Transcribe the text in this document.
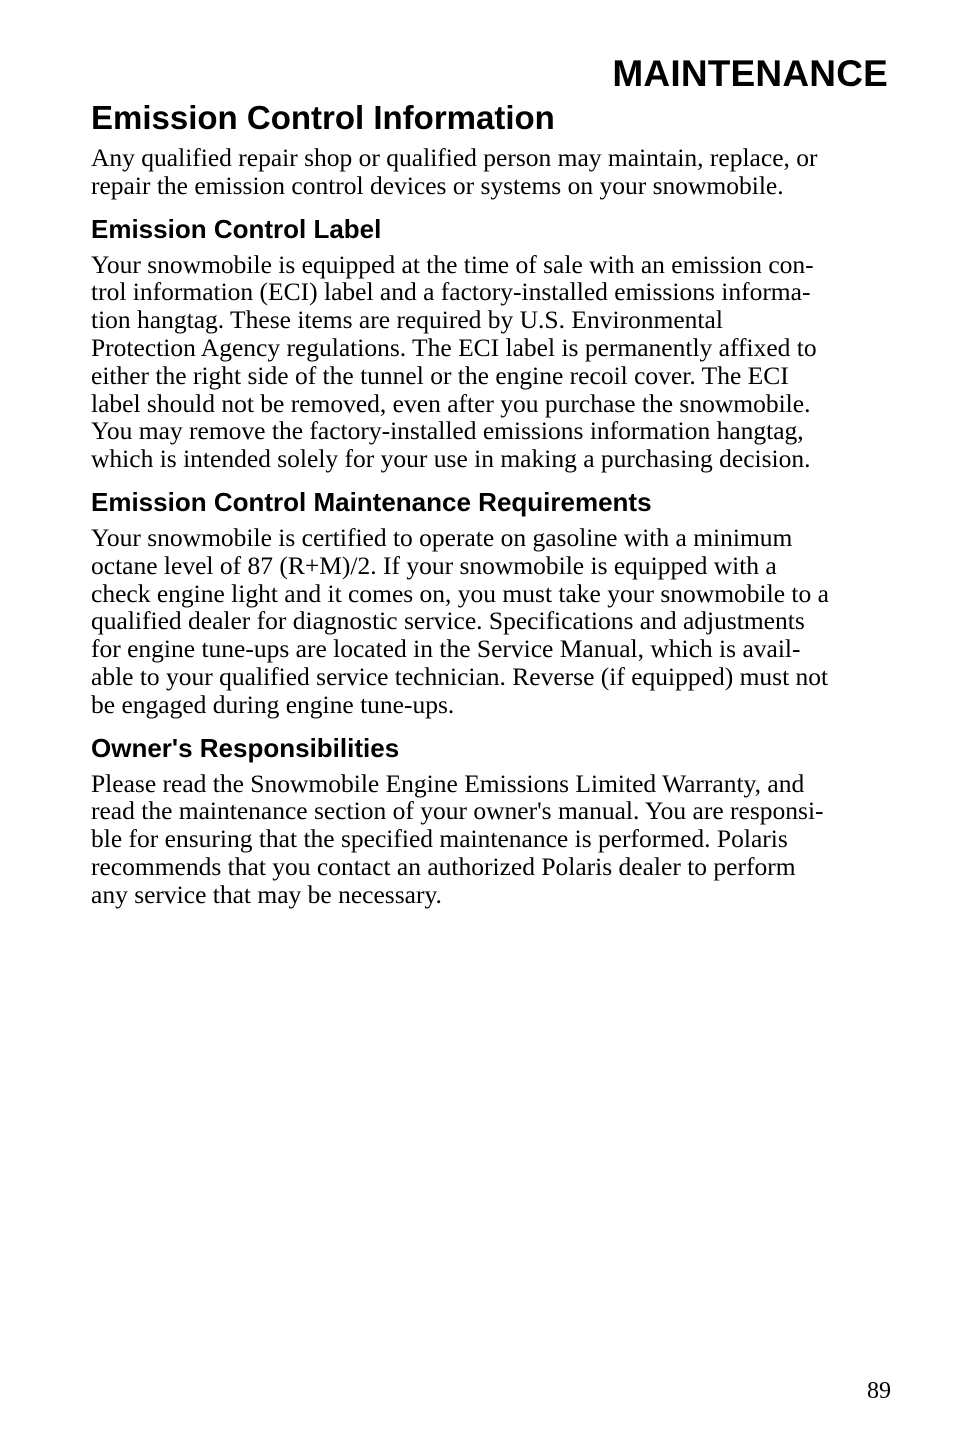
MAINTENANCE
Emission Control Information

Any qualified repair shop or qualified person may maintain, replace, or
repair the emission control devices or systems on your snowmobile.

Emission Control Label

Your snowmobile is equipped at the time of sale with an emission con-
trol information (ECI) label and a factory-installed emissions informa-
tion hangtag. These items are required by U.S. Environmental
Protection Agency regulations. The ECI label is permanently affixed to
either the right side of the tunnel or the engine recoil cover. The ECI
label should not be removed, even after you purchase the snowmobile.
You may remove the factory-installed emissions information hangtag,
which is intended solely for your use in making a purchasing decision.

Emission Control Maintenance Requirements

Your snowmobile is certified to operate on gasoline with a minimum
octane level of 87 (R+M)/2. If your snowmobile is equipped with a
check engine light and it comes on, you must take your snowmobile to a
qualified dealer for diagnostic service. Specifications and adjustments
for engine tune-ups are located in the Service Manual, which is avail-
able to your qualified service technician. Reverse (if equipped) must not
be engaged during engine tune-ups.

Owner's Responsibilities

Please read the Snowmobile Engine Emissions Limited Warranty, and
read the maintenance section of your owner's manual. You are responsi-
ble for ensuring that the specified maintenance is performed. Polaris
recommends that you contact an authorized Polaris dealer to perform
any service that may be necessary.

89
